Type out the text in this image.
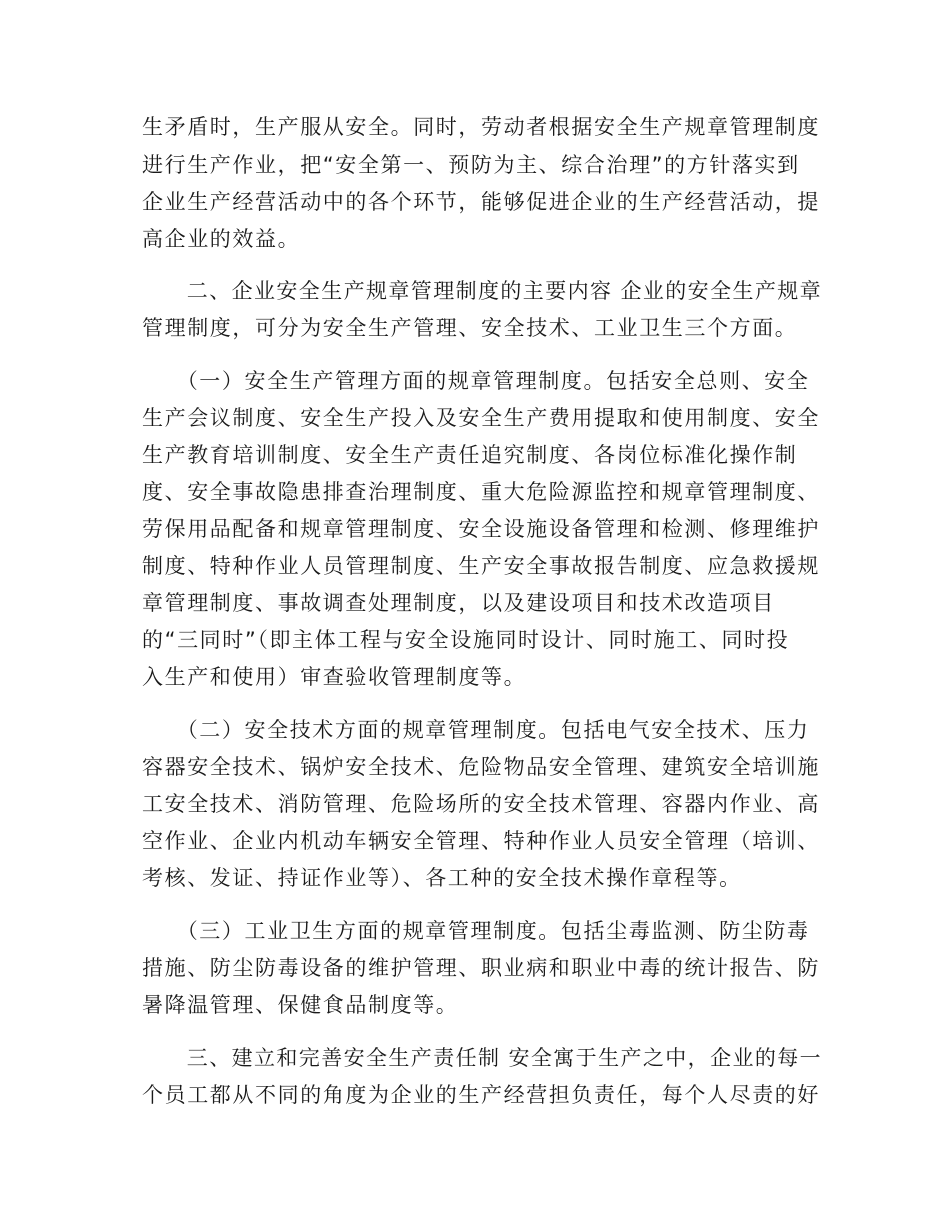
生矛盾时，生产服从安全。同时，劳动者根据安全生产规章管理制度
进行生产作业，把“安全第一、预防为主、综合治理”的方针落实到
企业生产经营活动中的各个环节，能够促进企业的生产经营活动，提
高企业的效益。
　　二、企业安全生产规章管理制度的主要内容 企业的安全生产规章
管理制度，可分为安全生产管理、安全技术、工业卫生三个方面。
　　（一）安全生产管理方面的规章管理制度。包括安全总则、安全
生产会议制度、安全生产投入及安全生产费用提取和使用制度、安全
生产教育培训制度、安全生产责任追究制度、各岗位标准化操作制
度、安全事故隐患排查治理制度、重大危险源监控和规章管理制度、
劳保用品配备和规章管理制度、安全设施设备管理和检测、修理维护
制度、特种作业人员管理制度、生产安全事故报告制度、应急救援规
章管理制度、事故调查处理制度，以及建设项目和技术改造项目
的“三同时”（即主体工程与安全设施同时设计、同时施工、同时投
入生产和使用）审查验收管理制度等。
　　（二）安全技术方面的规章管理制度。包括电气安全技术、压力
容器安全技术、锅炉安全技术、危险物品安全管理、建筑安全培训施
工安全技术、消防管理、危险场所的安全技术管理、容器内作业、高
空作业、企业内机动车辆安全管理、特种作业人员安全管理（培训、
考核、发证、持证作业等）、各工种的安全技术操作章程等。
　　（三）工业卫生方面的规章管理制度。包括尘毒监测、防尘防毒
措施、防尘防毒设备的维护管理、职业病和职业中毒的统计报告、防
暑降温管理、保健食品制度等。
　　三、建立和完善安全生产责任制 安全寓于生产之中，企业的每一
个员工都从不同的角度为企业的生产经营担负责任，每个人尽责的好
